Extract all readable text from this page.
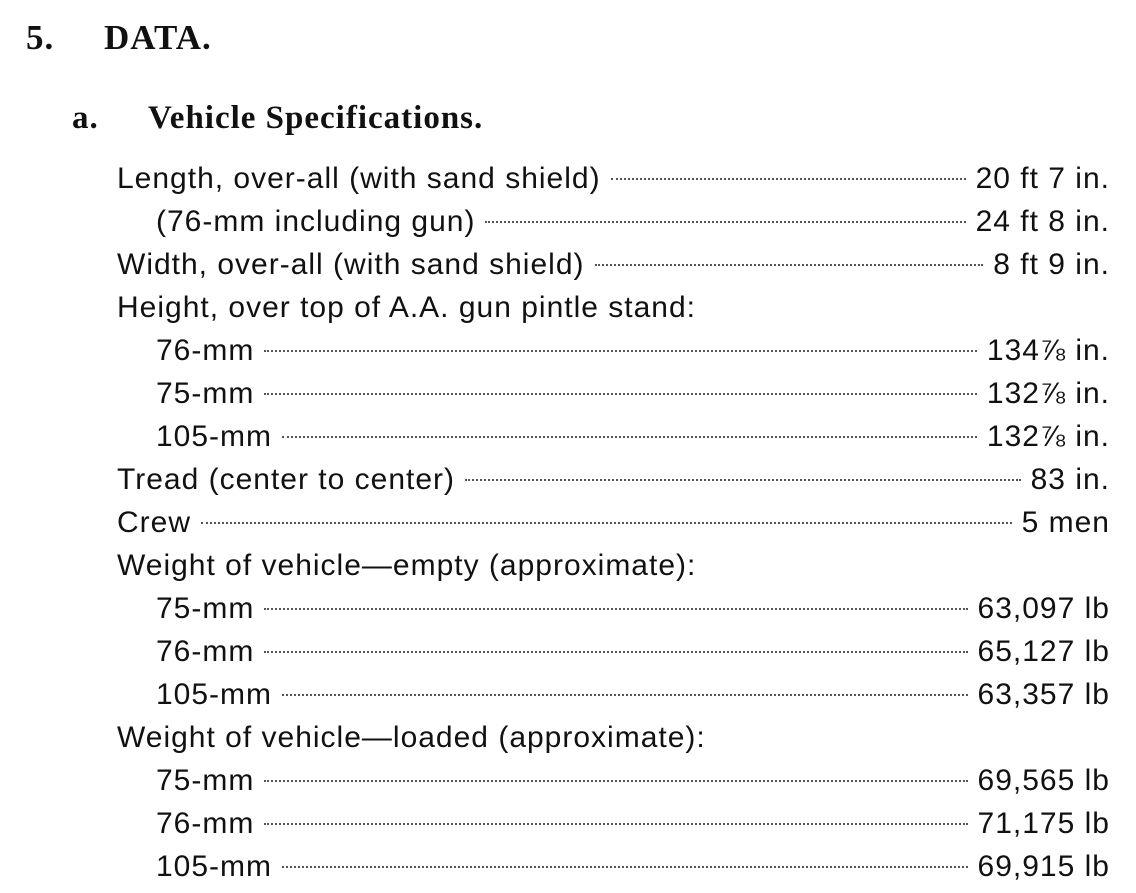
5. DATA.
a. Vehicle Specifications.
Length, over-all (with sand shield)	20 ft 7 in.
(76-mm including gun)	24 ft 8 in.
Width, over-all (with sand shield)	8 ft 9 in.
Height, over top of A.A. gun pintle stand:
76-mm	134⅞ in.
75-mm	132⅞ in.
105-mm	132⅞ in.
Tread (center to center)	83 in.
Crew	5 men
Weight of vehicle—empty (approximate):
75-mm	63,097 lb
76-mm	65,127 lb
105-mm	63,357 lb
Weight of vehicle—loaded (approximate):
75-mm	69,565 lb
76-mm	71,175 lb
105-mm	69,915 lb
